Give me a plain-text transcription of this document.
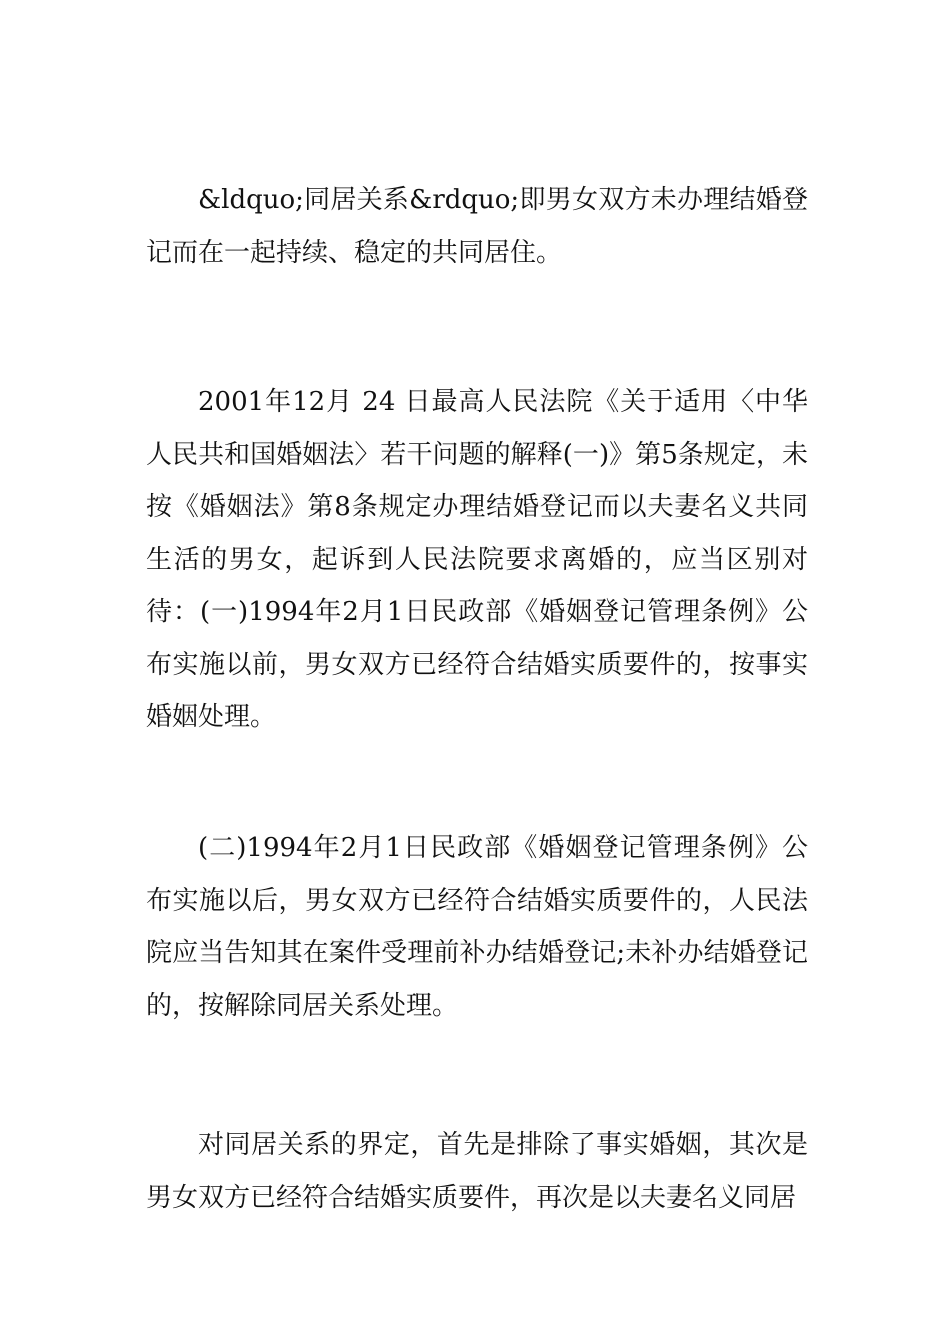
&ldquo;同居关系&rdquo;即男女双方未办理结婚登记而在一起持续、稳定的共同居住。

2001年12月 24 日最高人民法院《关于适用〈中华人民共和国婚姻法〉若干问题的解释(一)》第5条规定，未按《婚姻法》第8条规定办理结婚登记而以夫妻名义共同生活的男女，起诉到人民法院要求离婚的，应当区别对待：(一)1994年2月1日民政部《婚姻登记管理条例》公布实施以前，男女双方已经符合结婚实质要件的，按事实婚姻处理。

(二)1994年2月1日民政部《婚姻登记管理条例》公布实施以后，男女双方已经符合结婚实质要件的，人民法院应当告知其在案件受理前补办结婚登记;未补办结婚登记的，按解除同居关系处理。

对同居关系的界定，首先是排除了事实婚姻，其次是男女双方已经符合结婚实质要件，再次是以夫妻名义同居
